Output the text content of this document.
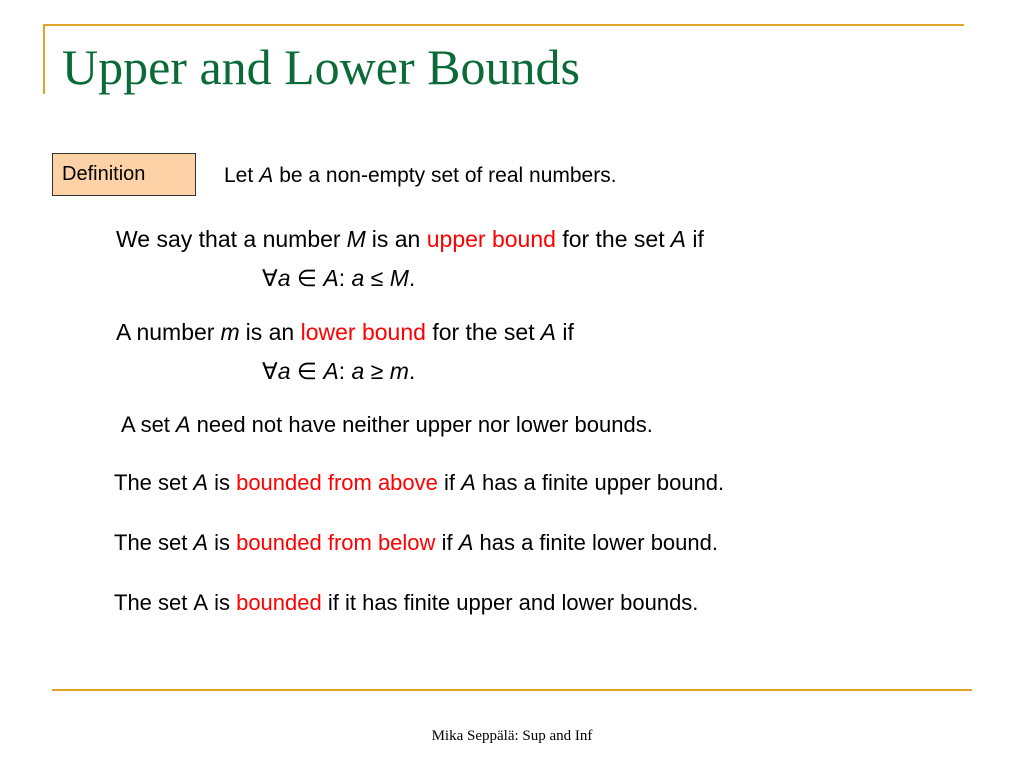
Upper and Lower Bounds
Definition	Let A be a non-empty set of real numbers.
We say that a number M is an upper bound for the set A if
∀a ∈ A: a ≤ M.
A number m is an lower bound for the set A if
∀a ∈ A: a ≥ m.
A set A need not have neither upper nor lower bounds.
The set A is bounded from above if A has a finite upper bound.
The set A is bounded from below if A has a finite lower bound.
The set A is bounded if it has finite upper and lower bounds.
Mika Seppälä: Sup and Inf
